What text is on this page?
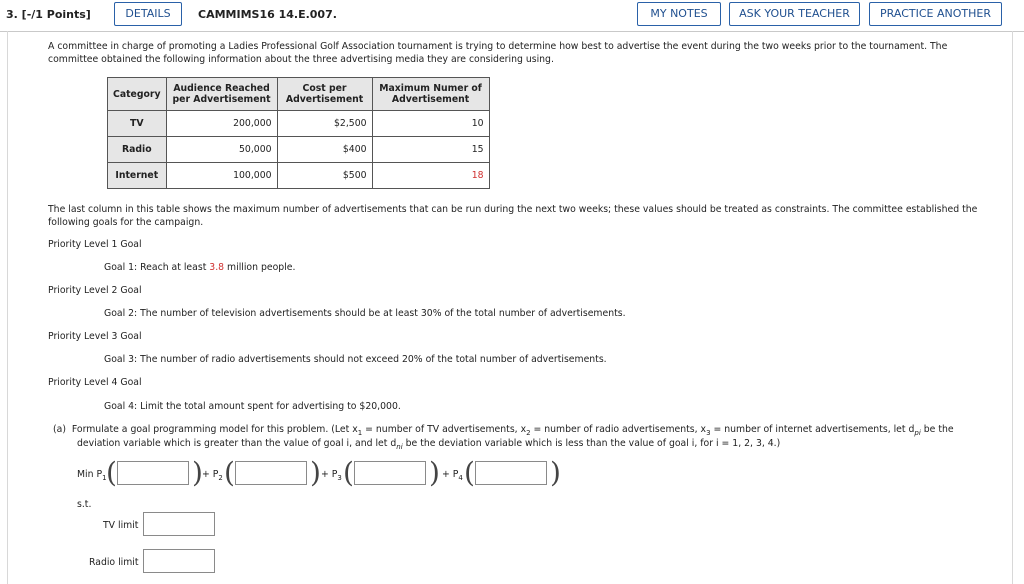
3. [-/1 Points]	DETAILS	CAMMIMS16 14.E.007.	MY NOTES	ASK YOUR TEACHER	PRACTICE ANOTHER
A committee in charge of promoting a Ladies Professional Golf Association tournament is trying to determine how best to advertise the event during the two weeks prior to the tournament. The
committee obtained the following information about the three advertising media they are considering using.
Category	Audience Reached per Advertisement	Cost per Advertisement	Maximum Numer of Advertisement
TV	200,000	$2,500	10
Radio	50,000	$400	15
Internet	100,000	$500	18
The last column in this table shows the maximum number of advertisements that can be run during the next two weeks; these values should be treated as constraints. The committee established the
following goals for the campaign.
Priority Level 1 Goal
Goal 1: Reach at least 3.8 million people.
Priority Level 2 Goal
Goal 2: The number of television advertisements should be at least 30% of the total number of advertisements.
Priority Level 3 Goal
Goal 3: The number of radio advertisements should not exceed 20% of the total number of advertisements.
Priority Level 4 Goal
Goal 4: Limit the total amount spent for advertising to $20,000.
(a) Formulate a goal programming model for this problem. (Let $x_1$ = number of TV advertisements, $x_2$ = number of radio advertisements, $x_3$ = number of internet advertisements, let $d_{pi}$ be the
deviation variable which is greater than the value of goal i, and let $d_{ni}$ be the deviation variable which is less than the value of goal i, for i = 1, 2, 3, 4.)
Min $P_1$ (	) + $P_2$ (	) + $P_3$ (	) + $P_4$ (	)
s.t.
TV limit
Radio limit
